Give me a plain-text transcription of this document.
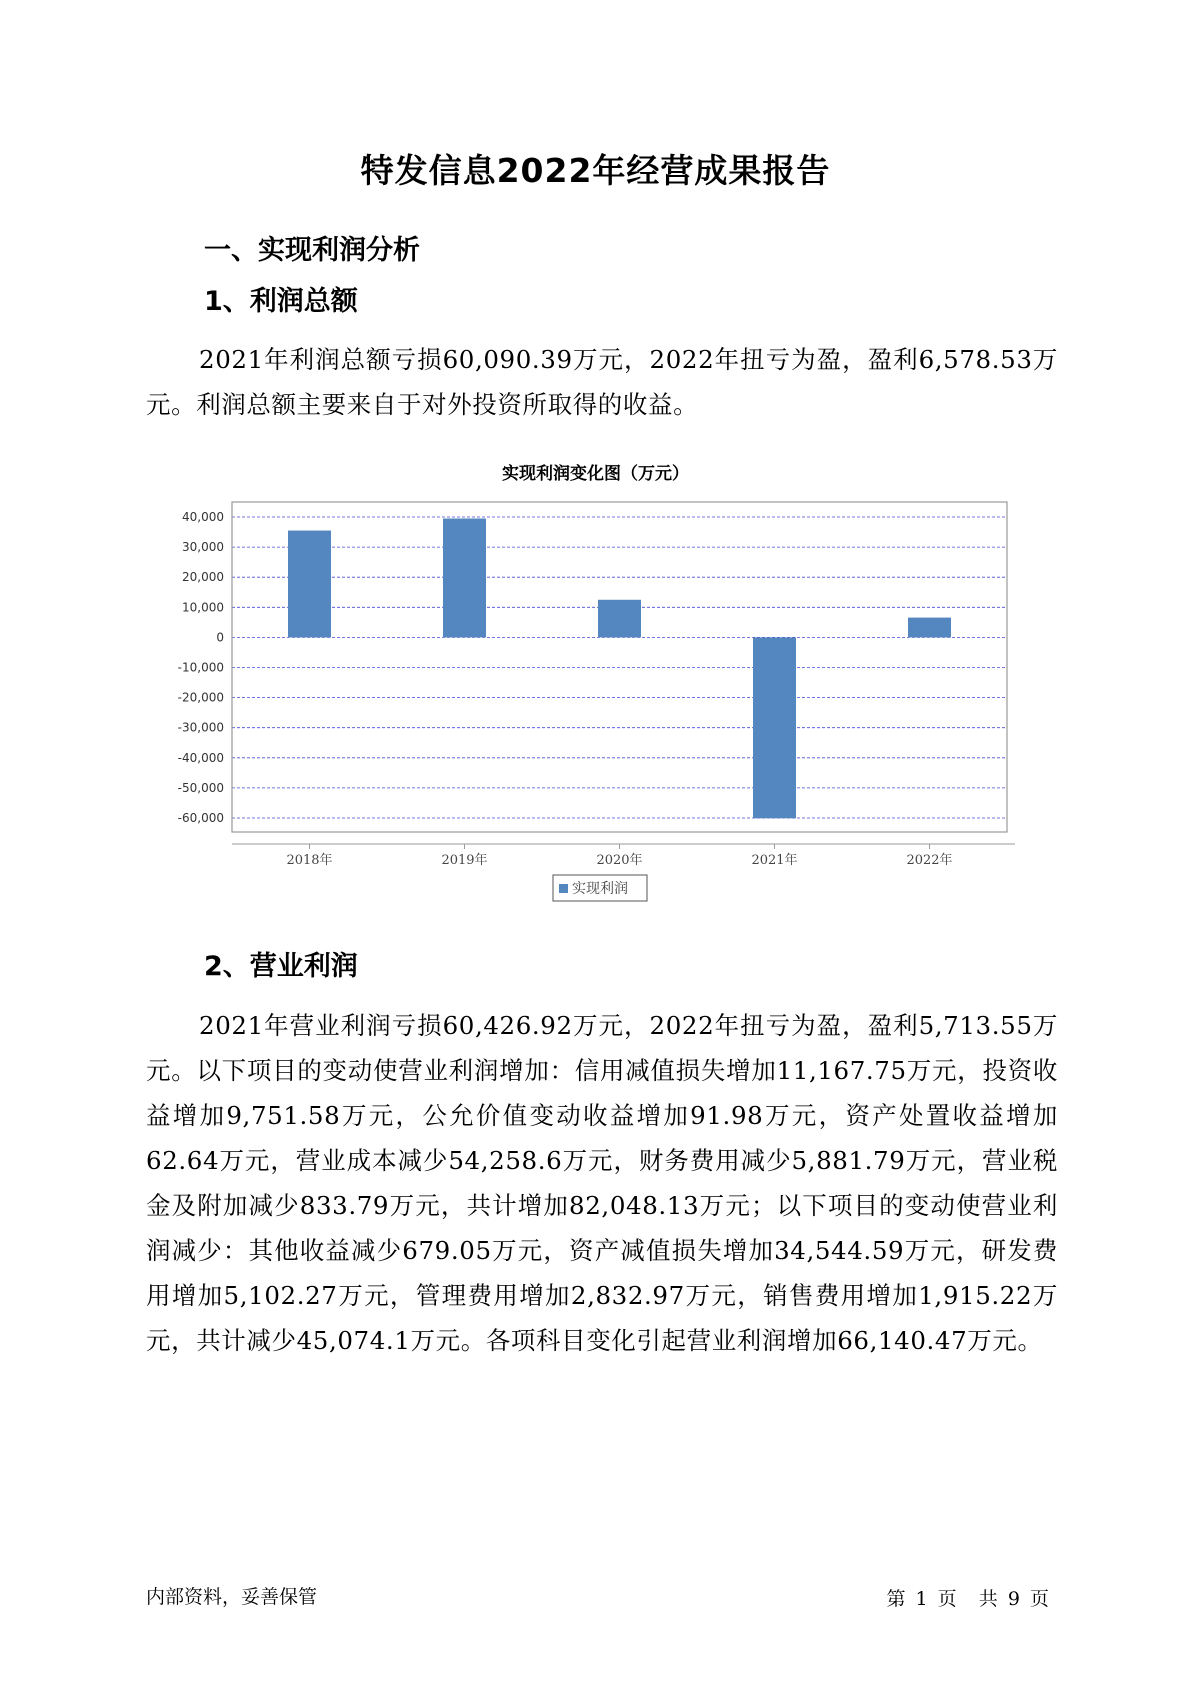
特发信息2022年经营成果报告
一、实现利润分析
1、利润总额

2021年利润总额亏损60,090.39万元，2022年扭亏为盈，盈利6,578.53万元。利润总额主要来自于对外投资所取得的收益。

实现利润变化图（万元）
40,000
30,000
20,000
10,000
0
-10,000
-20,000
-30,000
-40,000
-50,000
-60,000
2018年	2019年	2020年	2021年	2022年
实现利润
2、营业利润

2021年营业利润亏损60,426.92万元，2022年扭亏为盈，盈利5,713.55万元。以下项目的变动使营业利润增加：信用减值损失增加11,167.75万元，投资收益增加9,751.58万元，公允价值变动收益增加91.98万元，资产处置收益增加62.64万元，营业成本减少54,258.6万元，财务费用减少5,881.79万元，营业税金及附加减少833.79万元，共计增加82,048.13万元；以下项目的变动使营业利润减少：其他收益减少679.05万元，资产减值损失增加34,544.59万元，研发费用增加5,102.27万元，管理费用增加2,832.97万元，销售费用增加1,915.22万元，共计减少45,074.1万元。各项科目变化引起营业利润增加66,140.47万元。

内部资料，妥善保管	第 1 页 共 9 页
